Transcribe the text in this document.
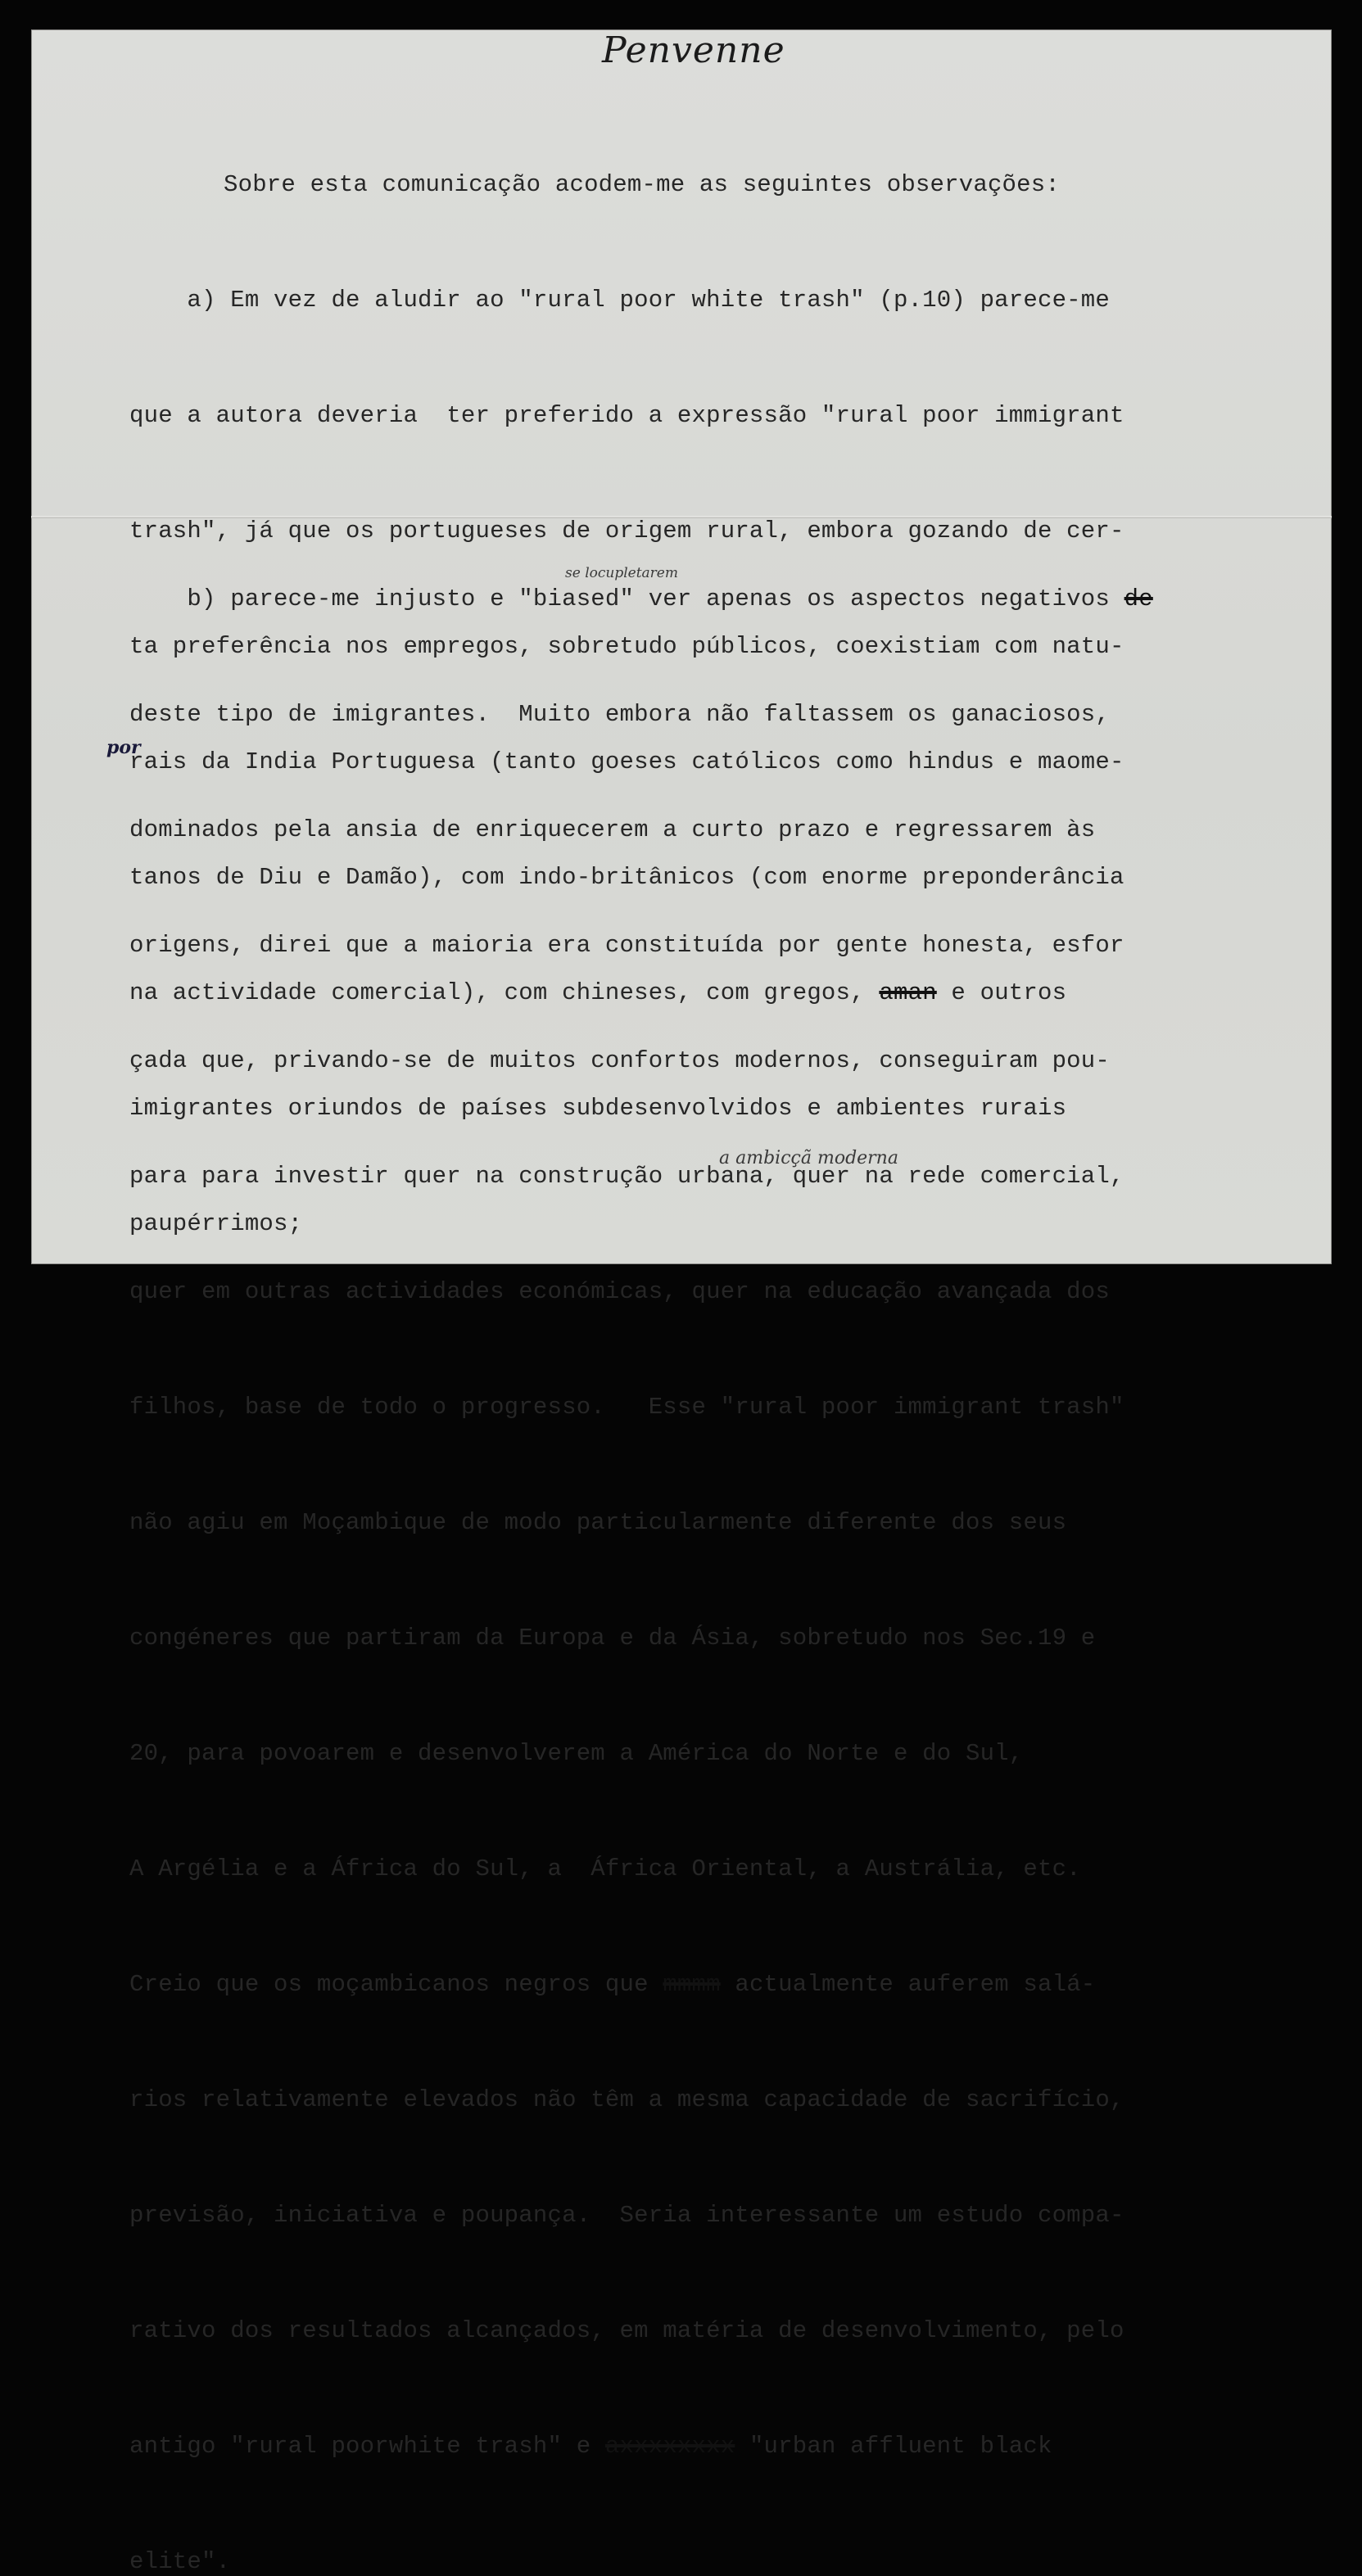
Penvenne

Sobre esta comunicação acodem-me as seguintes observações:

a) Em vez de aludir ao "rural poor white trash" (p.10) parece-me

que a autora deveria  ter preferido a expressão "rural poor immigrant

trash", já que os portugueses de origem rural, embora gozando de cer-

ta preferência nos empregos, sobretudo públicos, coexistiam com natu-

rais da India Portuguesa (tanto goeses católicos como hindus e maome-

tanos de Diu e Damão), com indo-britânicos (com enorme preponderância

na actividade comercial), com chineses, com gregos, aman e outros

imigrantes oriundos de países subdesenvolvidos e ambientes rurais

paupérrimos;

b) parece-me injusto e "biased" ver apenas os aspectos negativos de

deste tipo de imigrantes.  Muito embora não faltassem os ganaciosos,

dominados pela ansia de enriquecerem a curto prazo e regressarem às

origens, direi que a maioria era constituída por gente honesta, esfor

çada que, privando-se de muitos confortos modernos, conseguiram pou-

para para investir quer na construção urbana, quer na rede comercial,

quer em outras actividades económicas, quer na educação avançada dos

filhos, base de todo o progresso.   Esse "rural poor immigrant trash"

não agiu em Moçambique de modo particularmente diferente dos seus

congéneres que partiram da Europa e da Ásia, sobretudo nos Sec.19 e

20, para povoarem e desenvolverem a América do Norte e do Sul,

A Argélia e a África do Sul, a  África Oriental, a Austrália, etc.

Creio que os moçambicanos negros que mmmm actualmente auferem salá-

rios relativamente elevados não têm a mesma capacidade de sacrifício,

previsão, iniciativa e poupança.  Seria interessante um estudo compa-

rativo dos resultados alcançados, em matéria de desenvolvimento, pelo

antigo "rural poorwhite trash" e axxxxxxxx "urban affluent black

elite".

se locupletarem

a ambicçã moderna

por
